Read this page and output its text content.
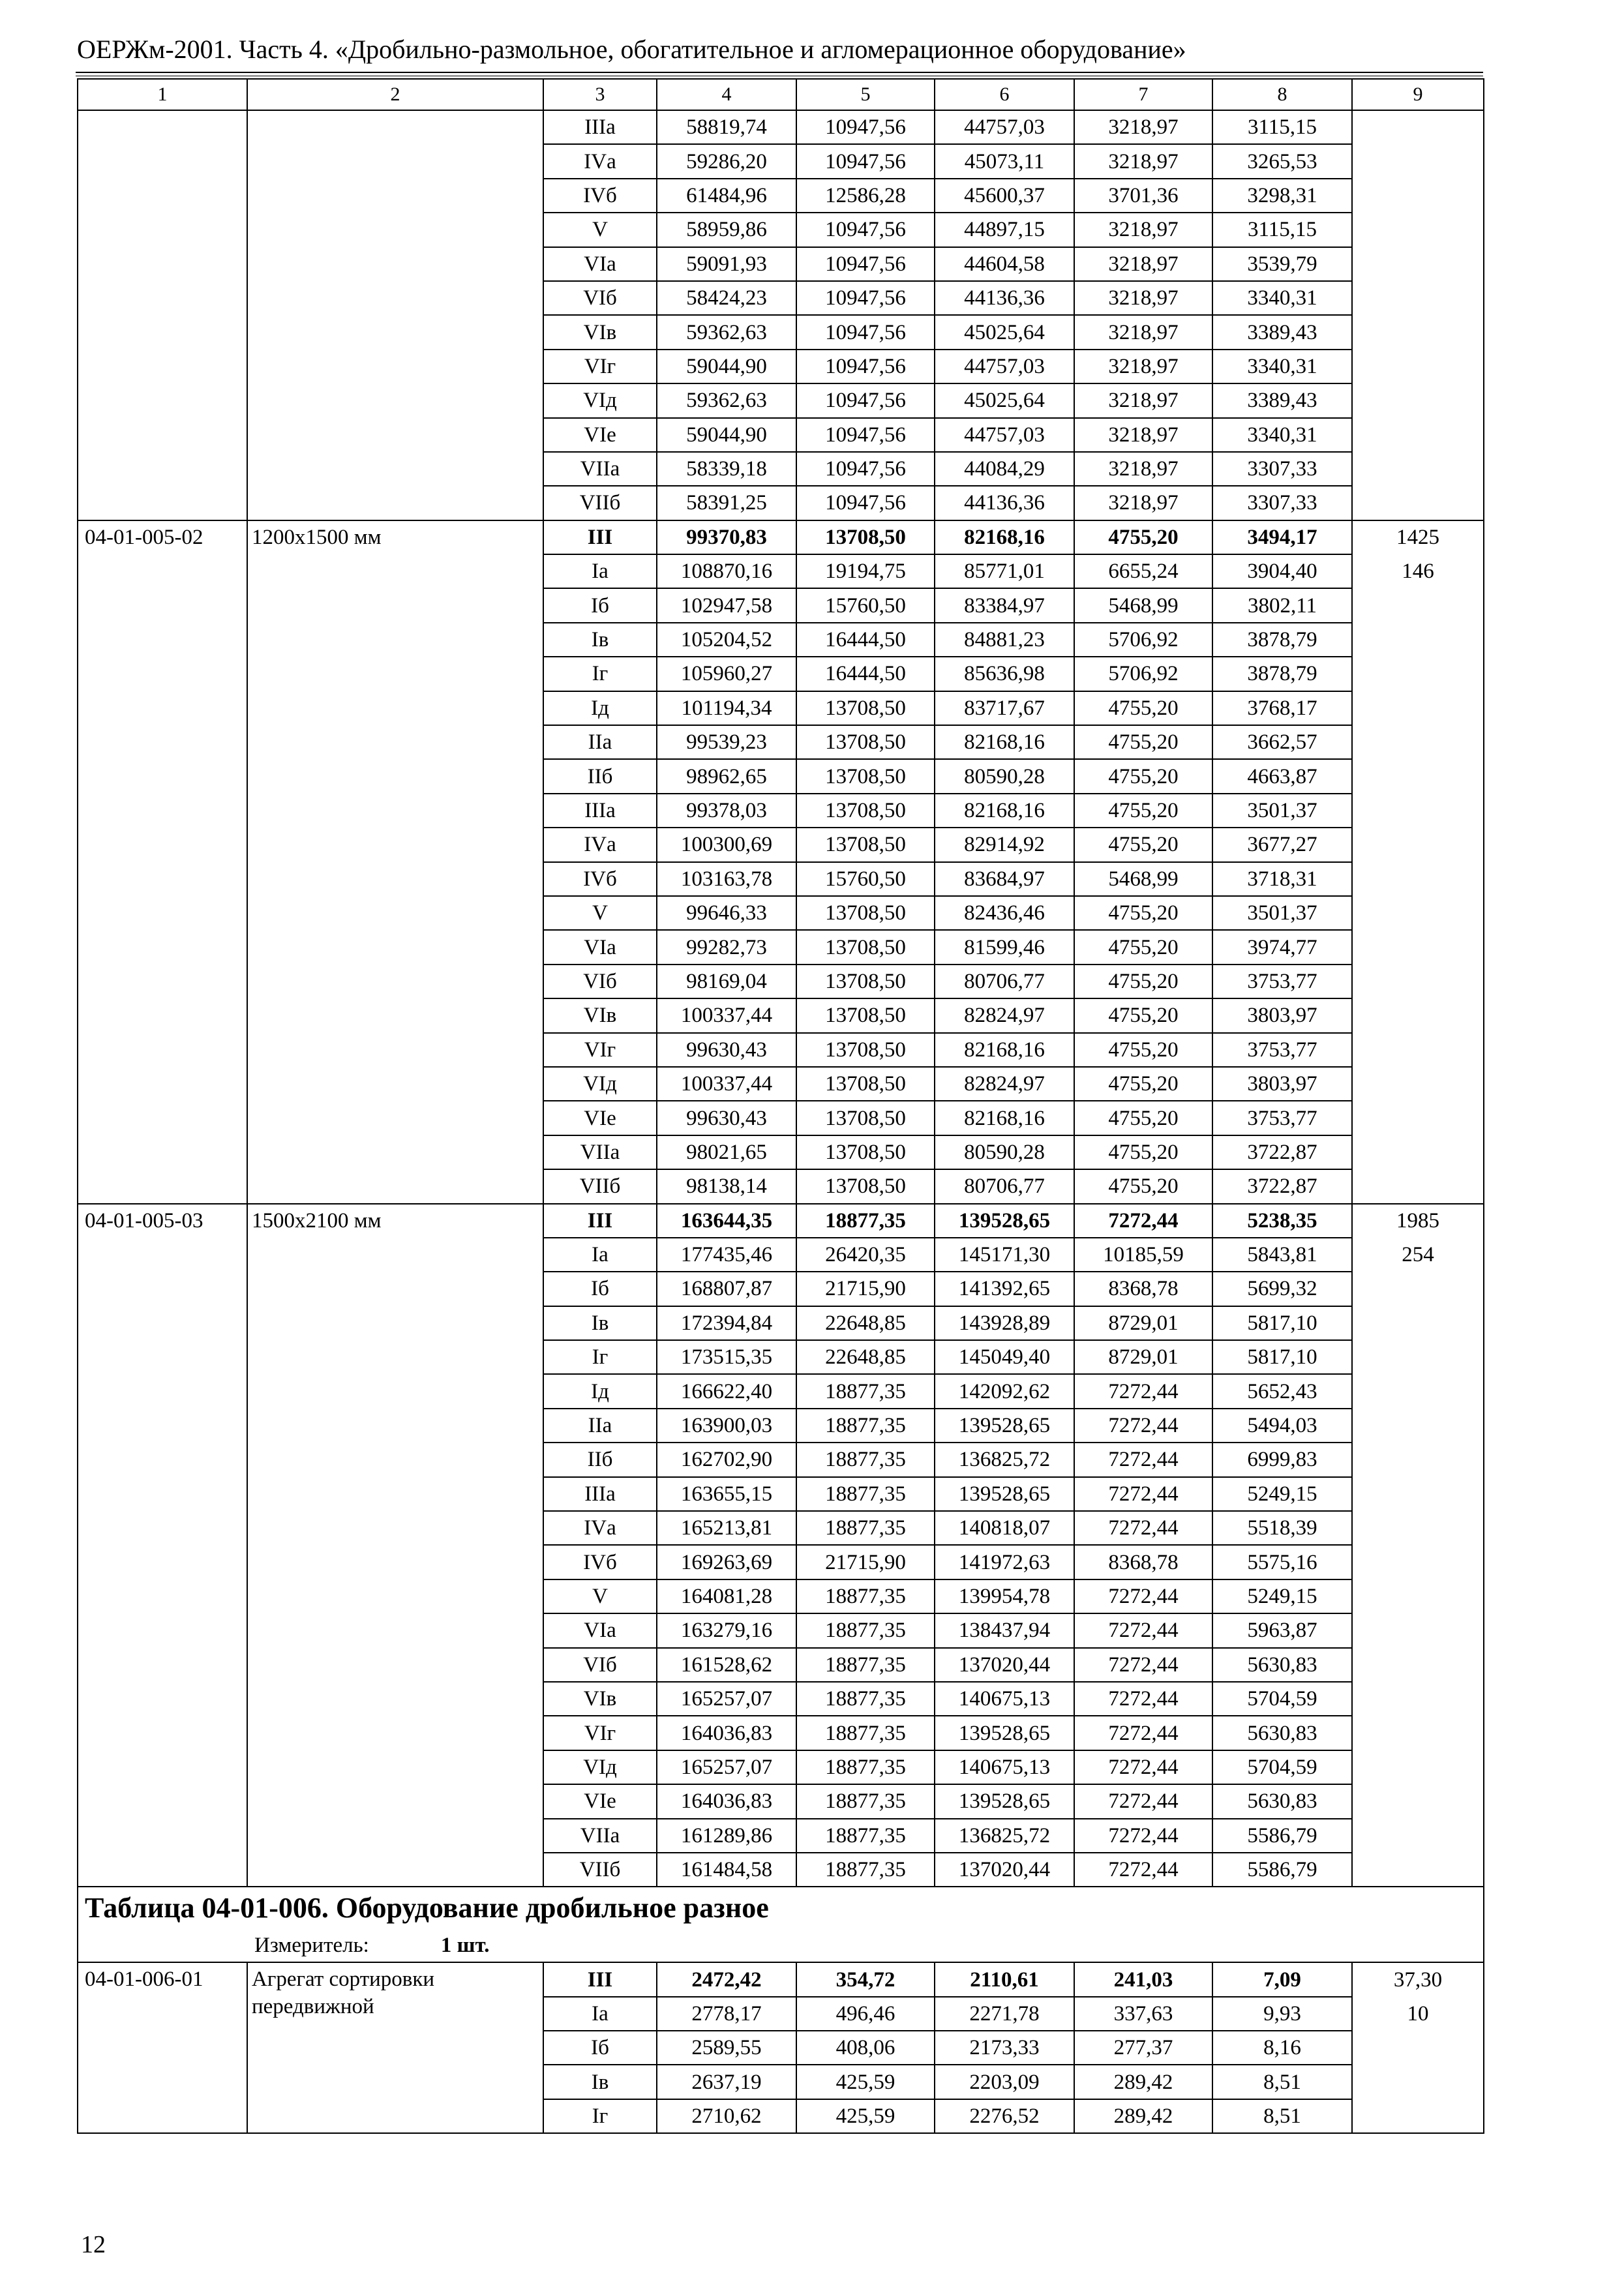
ОЕРЖм-2001. Часть 4. «Дробильно-размольное, обогатительное и агломерационное оборудование»
1	2	3	4	5	6	7	8	9
		IIIа	58819,74	10947,56	44757,03	3218,97	3115,15	
		IVа	59286,20	10947,56	45073,11	3218,97	3265,53	
		IVб	61484,96	12586,28	45600,37	3701,36	3298,31	
		V	58959,86	10947,56	44897,15	3218,97	3115,15	
		VIа	59091,93	10947,56	44604,58	3218,97	3539,79	
		VIб	58424,23	10947,56	44136,36	3218,97	3340,31	
		VIв	59362,63	10947,56	45025,64	3218,97	3389,43	
		VIг	59044,90	10947,56	44757,03	3218,97	3340,31	
		VIд	59362,63	10947,56	45025,64	3218,97	3389,43	
		VIе	59044,90	10947,56	44757,03	3218,97	3340,31	
		VIIа	58339,18	10947,56	44084,29	3218,97	3307,33	
		VIIб	58391,25	10947,56	44136,36	3218,97	3307,33	
04-01-005-02	1200х1500 мм	III	99370,83	13708,50	82168,16	4755,20	3494,17	1425
		Iа	108870,16	19194,75	85771,01	6655,24	3904,40	146
		Iб	102947,58	15760,50	83384,97	5468,99	3802,11	
		Iв	105204,52	16444,50	84881,23	5706,92	3878,79	
		Iг	105960,27	16444,50	85636,98	5706,92	3878,79	
		Iд	101194,34	13708,50	83717,67	4755,20	3768,17	
		IIа	99539,23	13708,50	82168,16	4755,20	3662,57	
		IIб	98962,65	13708,50	80590,28	4755,20	4663,87	
		IIIа	99378,03	13708,50	82168,16	4755,20	3501,37	
		IVа	100300,69	13708,50	82914,92	4755,20	3677,27	
		IVб	103163,78	15760,50	83684,97	5468,99	3718,31	
		V	99646,33	13708,50	82436,46	4755,20	3501,37	
		VIа	99282,73	13708,50	81599,46	4755,20	3974,77	
		VIб	98169,04	13708,50	80706,77	4755,20	3753,77	
		VIв	100337,44	13708,50	82824,97	4755,20	3803,97	
		VIг	99630,43	13708,50	82168,16	4755,20	3753,77	
		VIд	100337,44	13708,50	82824,97	4755,20	3803,97	
		VIе	99630,43	13708,50	82168,16	4755,20	3753,77	
		VIIа	98021,65	13708,50	80590,28	4755,20	3722,87	
		VIIб	98138,14	13708,50	80706,77	4755,20	3722,87	
04-01-005-03	1500х2100 мм	III	163644,35	18877,35	139528,65	7272,44	5238,35	1985
		Iа	177435,46	26420,35	145171,30	10185,59	5843,81	254
		Iб	168807,87	21715,90	141392,65	8368,78	5699,32	
		Iв	172394,84	22648,85	143928,89	8729,01	5817,10	
		Iг	173515,35	22648,85	145049,40	8729,01	5817,10	
		Iд	166622,40	18877,35	142092,62	7272,44	5652,43	
		IIа	163900,03	18877,35	139528,65	7272,44	5494,03	
		IIб	162702,90	18877,35	136825,72	7272,44	6999,83	
		IIIа	163655,15	18877,35	139528,65	7272,44	5249,15	
		IVа	165213,81	18877,35	140818,07	7272,44	5518,39	
		IVб	169263,69	21715,90	141972,63	8368,78	5575,16	
		V	164081,28	18877,35	139954,78	7272,44	5249,15	
		VIа	163279,16	18877,35	138437,94	7272,44	5963,87	
		VIб	161528,62	18877,35	137020,44	7272,44	5630,83	
		VIв	165257,07	18877,35	140675,13	7272,44	5704,59	
		VIг	164036,83	18877,35	139528,65	7272,44	5630,83	
		VIд	165257,07	18877,35	140675,13	7272,44	5704,59	
		VIе	164036,83	18877,35	139528,65	7272,44	5630,83	
		VIIа	161289,86	18877,35	136825,72	7272,44	5586,79	
		VIIб	161484,58	18877,35	137020,44	7272,44	5586,79	
Таблица 04-01-006. Оборудование дробильное разное								
Измеритель: 1 шт.								
04-01-006-01	Агрегат сортировки передвижной	III	2472,42	354,72	2110,61	241,03	7,09	37,30
		Iа	2778,17	496,46	2271,78	337,63	9,93	10
		Iб	2589,55	408,06	2173,33	277,37	8,16	
		Iв	2637,19	425,59	2203,09	289,42	8,51	
		Iг	2710,62	425,59	2276,52	289,42	8,51	
12
